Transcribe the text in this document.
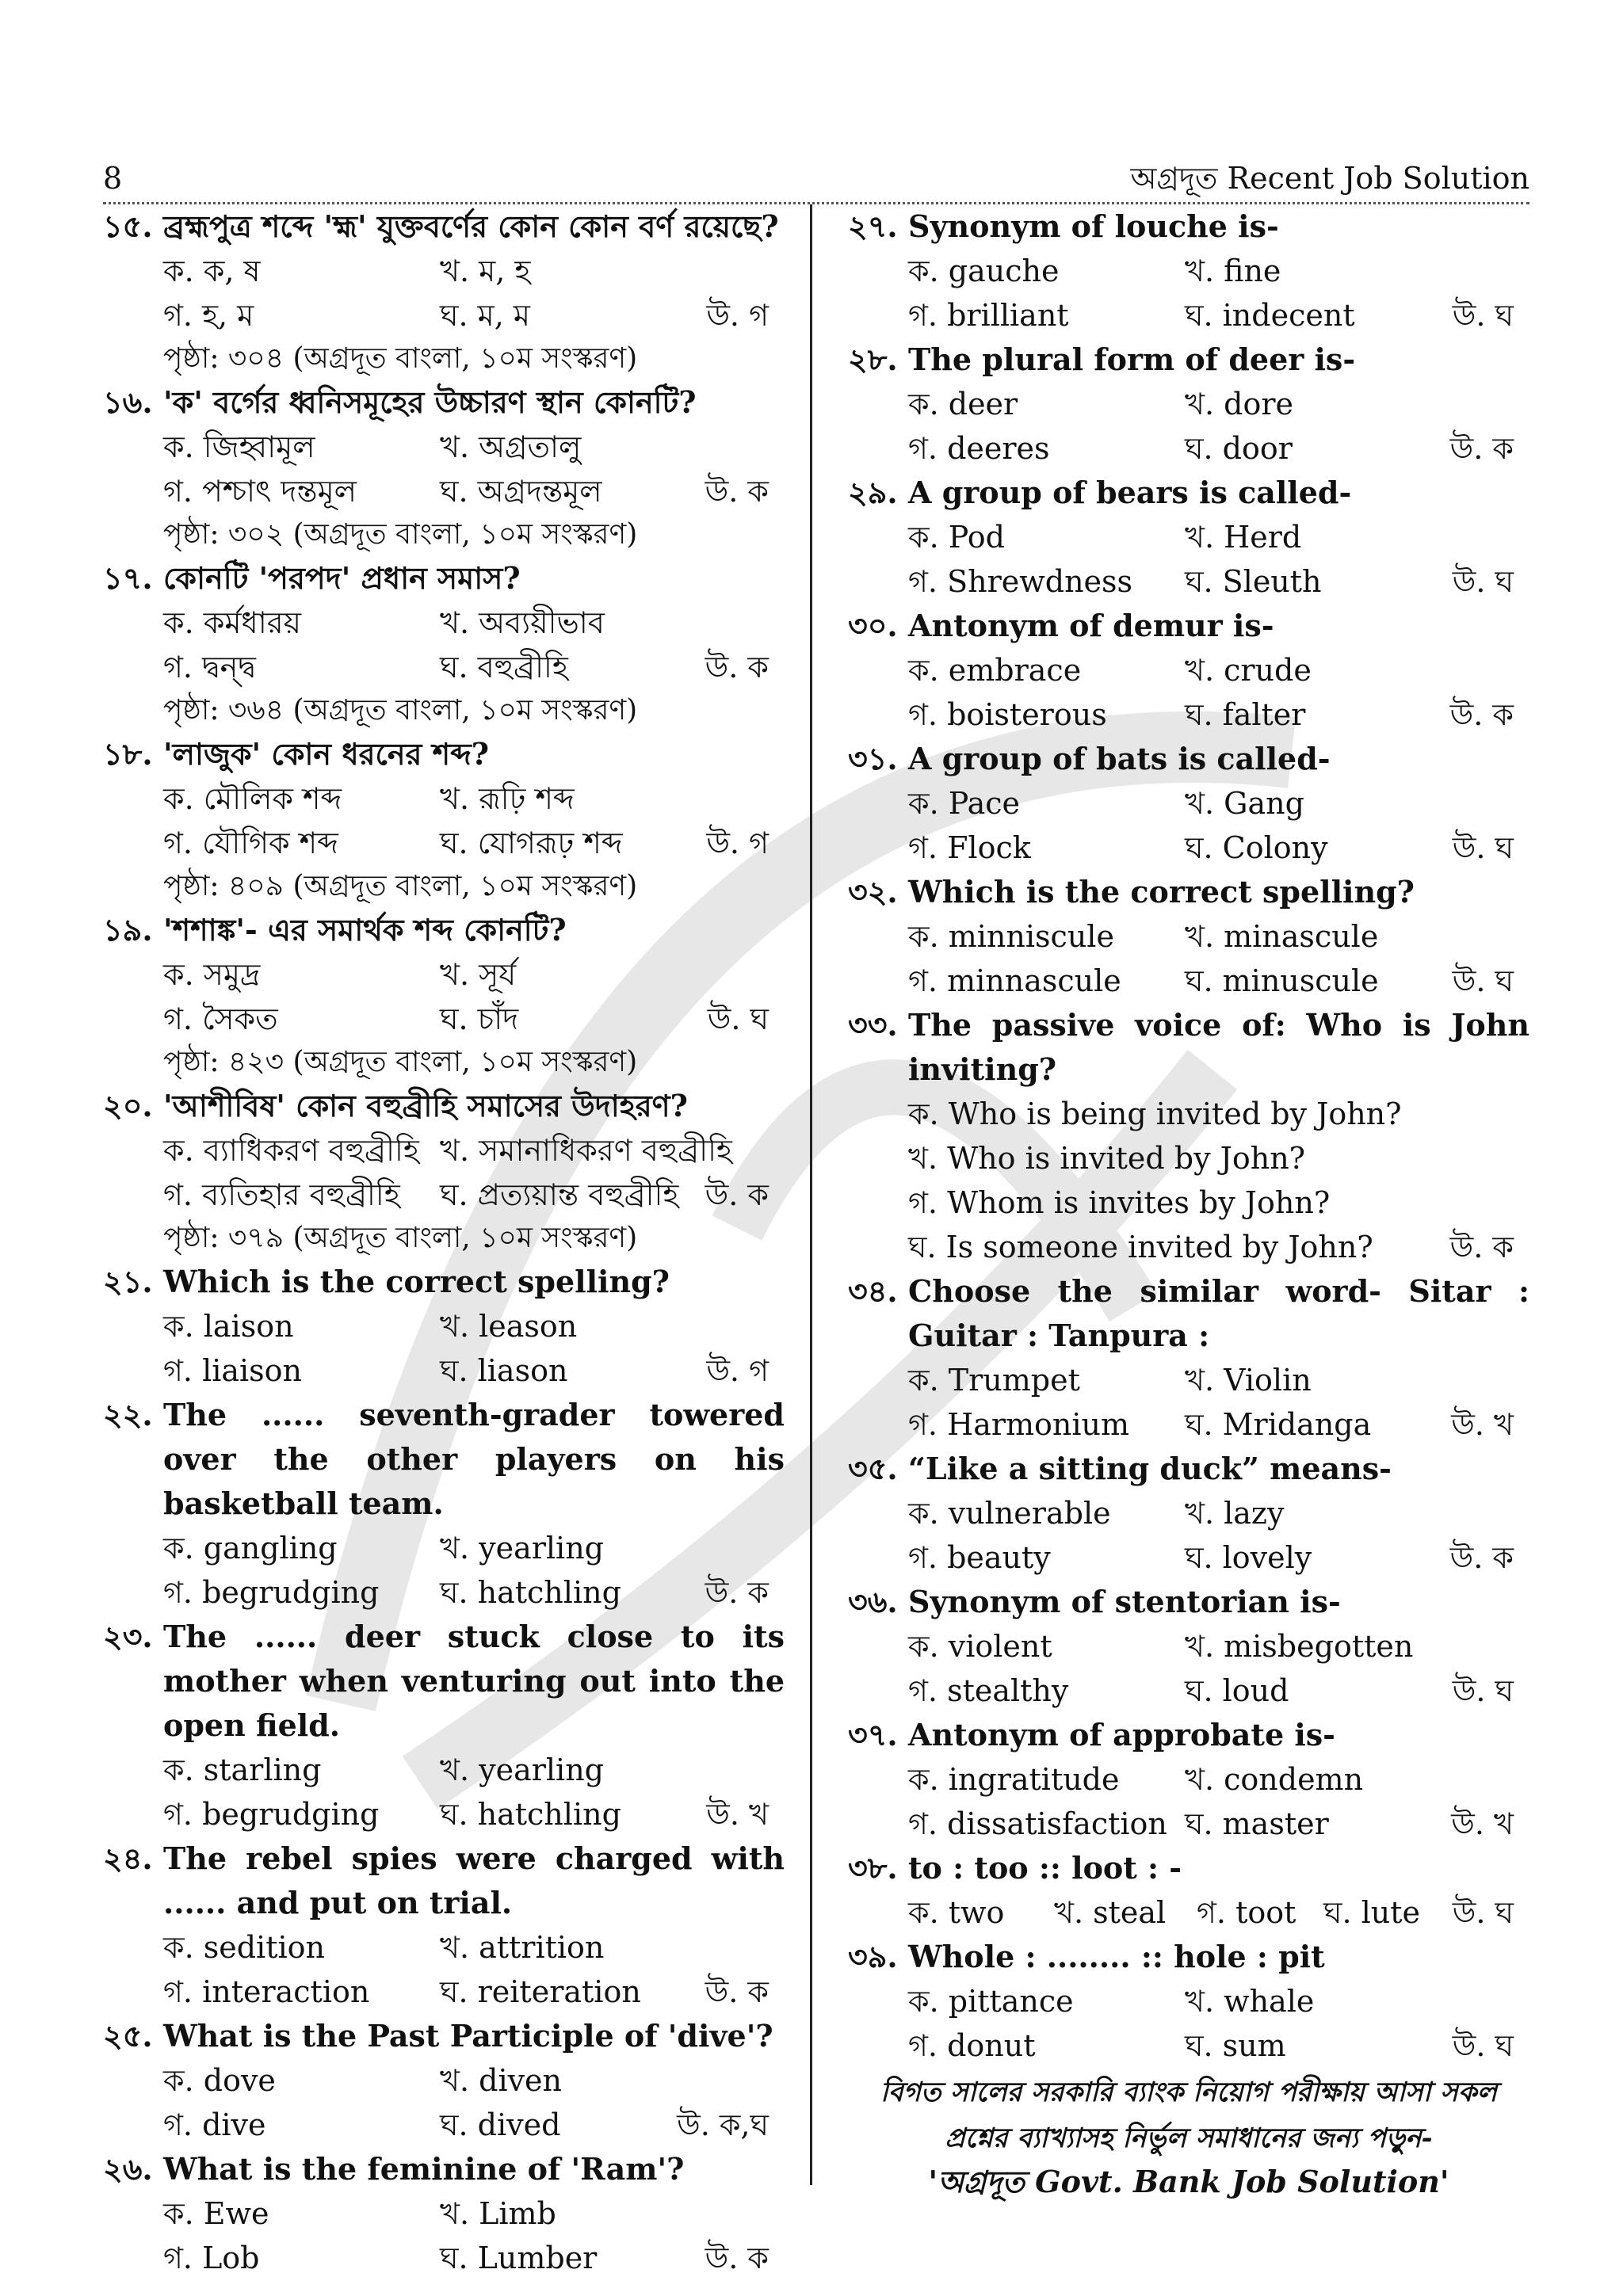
8	অগ্রদূত Recent Job Solution
১৫. ব্রহ্মপুত্র শব্দে 'হ্ম' যুক্তবর্ণের কোন কোন বর্ণ রয়েছে?
ক. ক, ষ	খ. ম, হ
গ. হ, ম	ঘ. ম, ম	উ. গ
পৃষ্ঠা: ৩০৪ (অগ্রদূত বাংলা, ১০ম সংস্করণ)
১৬. 'ক' বর্গের ধ্বনিসমূহের উচ্চারণ স্থান কোনটি?
ক. জিহ্বামূল	খ. অগ্রতালু
গ. পশ্চাৎ দন্তমূল	ঘ. অগ্রদন্তমূল	উ. ক
পৃষ্ঠা: ৩০২ (অগ্রদূত বাংলা, ১০ম সংস্করণ)
১৭. কোনটি 'পরপদ' প্রধান সমাস?
ক. কর্মধারয়	খ. অব্যয়ীভাব
গ. দ্বন্দ্ব	ঘ. বহুব্রীহি	উ. ক
পৃষ্ঠা: ৩৬৪ (অগ্রদূত বাংলা, ১০ম সংস্করণ)
১৮. 'লাজুক' কোন ধরনের শব্দ?
ক. মৌলিক শব্দ	খ. রূঢ়ি শব্দ
গ. যৌগিক শব্দ	ঘ. যোগরূঢ় শব্দ	উ. গ
পৃষ্ঠা: ৪০৯ (অগ্রদূত বাংলা, ১০ম সংস্করণ)
১৯. 'শশাঙ্ক'- এর সমার্থক শব্দ কোনটি?
ক. সমুদ্র	খ. সূর্য
গ. সৈকত	ঘ. চাঁদ	উ. ঘ
পৃষ্ঠা: ৪২৩ (অগ্রদূত বাংলা, ১০ম সংস্করণ)
২০. 'আশীবিষ' কোন বহুব্রীহি সমাসের উদাহরণ?
ক. ব্যাধিকরণ বহুব্রীহি খ. সমানাধিকরণ বহুব্রীহি
গ. ব্যতিহার বহুব্রীহি ঘ. প্রত্যয়ান্ত বহুব্রীহি উ. ক
পৃষ্ঠা: ৩৭৯ (অগ্রদূত বাংলা, ১০ম সংস্করণ)
২১. Which is the correct spelling?
ক. laison	খ. leason
গ. liaison	ঘ. liason	উ. গ
২২. The ...... seventh-grader towered over the other players on his basketball team.
ক. gangling	খ. yearling
গ. begrudging ঘ. hatchling	উ. ক
২৩. The ...... deer stuck close to its mother when venturing out into the open field.
ক. starling	খ. yearling
গ. begrudging ঘ. hatchling	উ. খ
২৪. The rebel spies were charged with ...... and put on trial.
ক. sedition	খ. attrition
গ. interaction ঘ. reiteration উ. ক
২৫. What is the Past Participle of 'dive'?
ক. dove	খ. diven
গ. dive	ঘ. dived	উ. ক,ঘ
২৬. What is the feminine of 'Ram'?
ক. Ewe	খ. Limb
গ. Lob	ঘ. Lumber	উ. ক
২৭. Synonym of louche is-
ক. gauche	খ. fine
গ. brilliant	ঘ. indecent	উ. ঘ
২৮. The plural form of deer is-
ক. deer	খ. dore
গ. deeres	ঘ. door	উ. ক
২৯. A group of bears is called-
ক. Pod	খ. Herd
গ. Shrewdness ঘ. Sleuth	উ. ঘ
৩০. Antonym of demur is-
ক. embrace	খ. crude
গ. boisterous	ঘ. falter	উ. ক
৩১. A group of bats is called-
ক. Pace	খ. Gang
গ. Flock	ঘ. Colony	উ. ঘ
৩২. Which is the correct spelling?
ক. minniscule খ. minascule
গ. minnascule ঘ. minuscule উ. ঘ
৩৩. The passive voice of: Who is John inviting?
ক. Who is being invited by John?
খ. Who is invited by John?
গ. Whom is invites by John?
ঘ. Is someone invited by John?	উ. ক
৩৪. Choose the similar word- Sitar : Guitar : Tanpura :
ক. Trumpet	খ. Violin
গ. Harmonium ঘ. Mridanga	উ. খ
৩৫. “Like a sitting duck” means-
ক. vulnerable খ. lazy
গ. beauty	ঘ. lovely	উ. ক
৩৬. Synonym of stentorian is-
ক. violent	খ. misbegotten
গ. stealthy	ঘ. loud	উ. ঘ
৩৭. Antonym of approbate is-
ক. ingratitude খ. condemn
গ. dissatisfaction ঘ. master	উ. খ
৩৮. to : too :: loot : -
ক. two খ. steal গ. toot ঘ. lute উ. ঘ
৩৯. Whole : ........ :: hole : pit
ক. pittance	খ. whale
গ. donut	ঘ. sum	উ. ঘ
বিগত সালের সরকারি ব্যাংক নিয়োগ পরীক্ষায় আসা সকল
প্রশ্নের ব্যাখ্যাসহ নির্ভুল সমাধানের জন্য পড়ুন-
'অগ্রদূত Govt. Bank Job Solution'
